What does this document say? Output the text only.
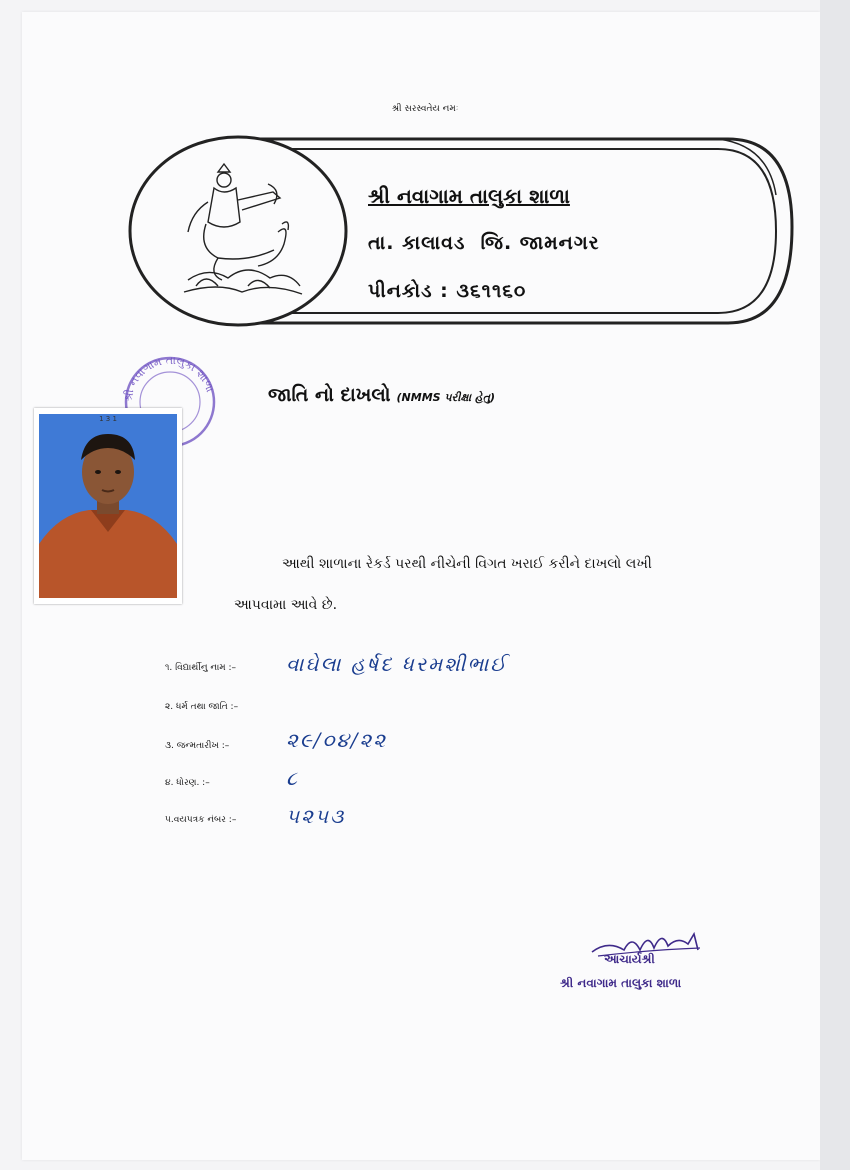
શ્રી સરસ્વતેય નમઃ
શ્રી નવાગામ તાલુકા શાળા
તા. કાલાવડ  જિ. જામનગર
પીનકોડ : ૩૬૧૧૬૦
શ્રી નવાગામ તાલુકા શાળા	જાતિ નો દાખલો (NMMS પરીક્ષા હેતુ)
1 3 1
આથી શાળાના રેકર્ડ પરથી નીચેની વિગત ખરાઈ કરીને દાખલો લખી
આપવામા આવે છે.
૧. વિદ્યાર્થીનુ નામ :– વાઘેલા હર્ષદ ધરમશીભાઈ
૨. ધર્મ તથા જાતિ :–
૩. જન્મતારીખ :–	૨૯/૦૪/૨૨
૪. ધોરણ. :–	૮
૫.વયપત્રક નંબર :– ૫૨૫૩
આચાર્યશ્રી
શ્રી નવાગામ તાલુકા શાળા
